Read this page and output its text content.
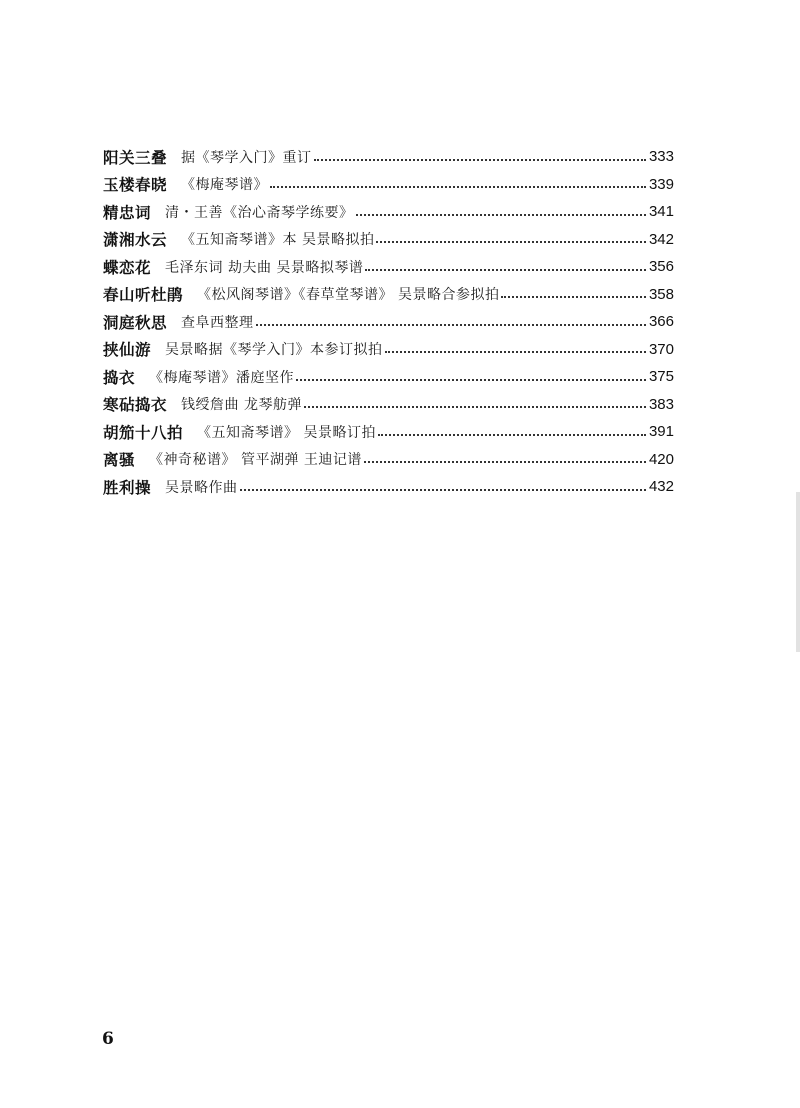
阳关三叠 据《琴学入门》重订	333
玉楼春晓 《梅庵琴谱》	339
精忠词 清・王善《治心斋琴学练要》	341
潇湘水云 《五知斋琴谱》本 吴景略拟拍	342
蝶恋花 毛泽东词 劫夫曲 吴景略拟琴谱	356
春山听杜鹃 《松风阁琴谱》《春草堂琴谱》 吴景略合参拟拍	358
洞庭秋思 查阜西整理	366
挟仙游 吴景略据《琴学入门》本参订拟拍	370
捣衣 《梅庵琴谱》潘庭坚作	375
寒砧捣衣 钱绶詹曲 龙琴舫弹	383
胡笳十八拍 《五知斋琴谱》 吴景略订拍	391
离骚 《神奇秘谱》 管平湖弹 王迪记谱	420
胜利操 吴景略作曲	432
6
